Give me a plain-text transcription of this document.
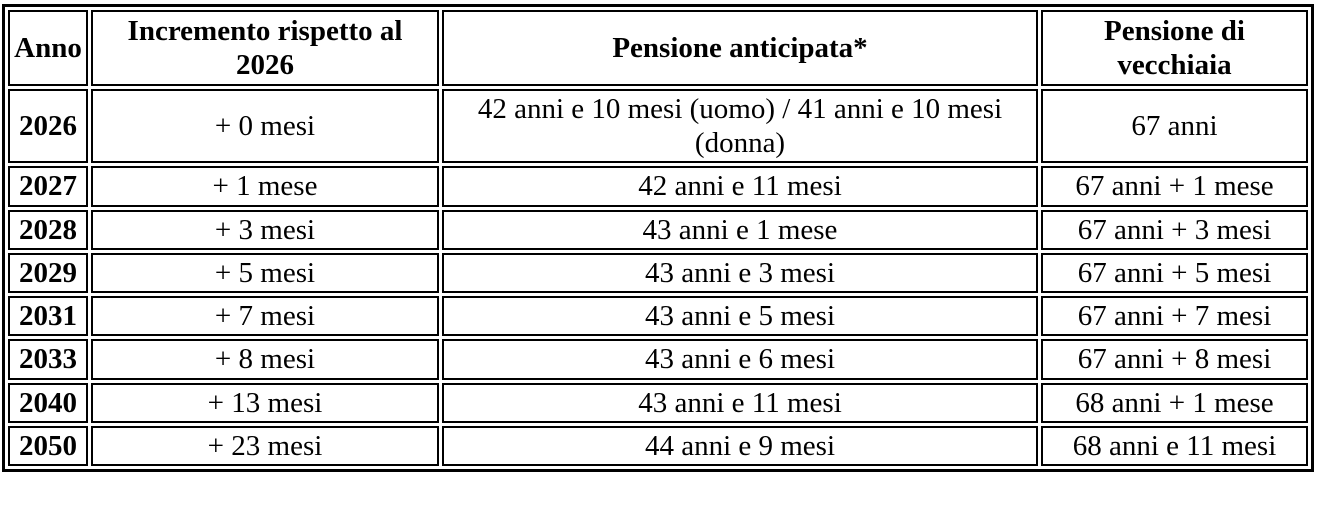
Anno	Incremento rispetto al 2026	Pensione anticipata*	Pensione di vecchiaia
2026	+ 0 mesi	42 anni e 10 mesi (uomo) / 41 anni e 10 mesi (donna)	67 anni
2027	+ 1 mese	42 anni e 11 mesi	67 anni + 1 mese
2028	+ 3 mesi	43 anni e 1 mese	67 anni + 3 mesi
2029	+ 5 mesi	43 anni e 3 mesi	67 anni + 5 mesi
2031	+ 7 mesi	43 anni e 5 mesi	67 anni + 7 mesi
2033	+ 8 mesi	43 anni e 6 mesi	67 anni + 8 mesi
2040	+ 13 mesi	43 anni e 11 mesi	68 anni + 1 mese
2050	+ 23 mesi	44 anni e 9 mesi	68 anni e 11 mesi
